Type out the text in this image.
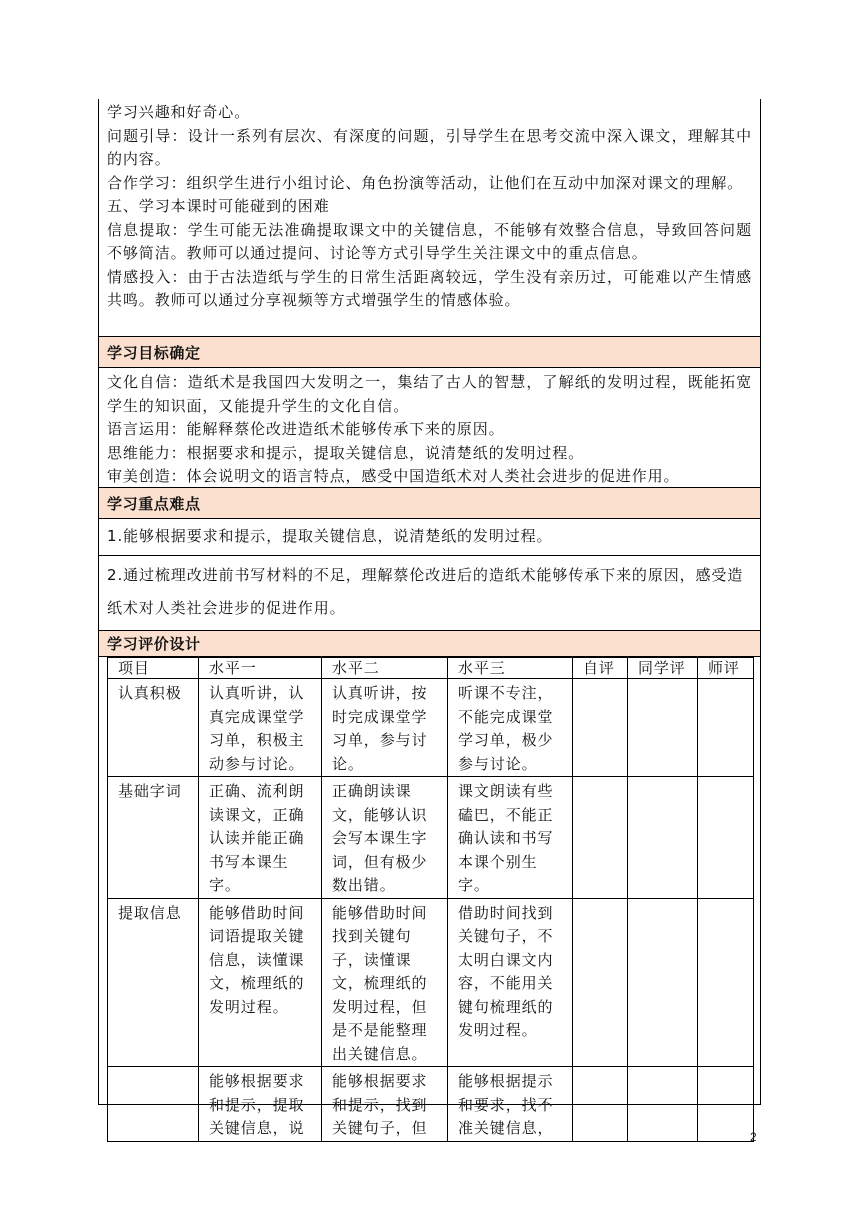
学习兴趣和好奇心。

问题引导：设计一系列有层次、有深度的问题，引导学生在思考交流中深入课文，理解其中的内容。

合作学习：组织学生进行小组讨论、角色扮演等活动，让他们在互动中加深对课文的理解。

五、学习本课时可能碰到的困难

信息提取：学生可能无法准确提取课文中的关键信息，不能够有效整合信息，导致回答问题不够简洁。教师可以通过提问、讨论等方式引导学生关注课文中的重点信息。

情感投入：由于古法造纸与学生的日常生活距离较远，学生没有亲历过，可能难以产生情感共鸣。教师可以通过分享视频等方式增强学生的情感体验。

学习目标确定

文化自信：造纸术是我国四大发明之一，集结了古人的智慧，了解纸的发明过程，既能拓宽学生的知识面，又能提升学生的文化自信。

语言运用：能解释蔡伦改进造纸术能够传承下来的原因。

思维能力：根据要求和提示，提取关键信息，说清楚纸的发明过程。

审美创造：体会说明文的语言特点，感受中国造纸术对人类社会进步的促进作用。

学习重点难点
1.能够根据要求和提示，提取关键信息，说清楚纸的发明过程。
2.通过梳理改进前书写材料的不足，理解蔡伦改进后的造纸术能够传承下来的原因，感受造纸术对人类社会进步的促进作用。
学习评价设计
项目	水平一	水平二	水平三	自评	同学评	师评
认真积极	认真听讲，认真完成课堂学习单，积极主动参与讨论。	认真听讲，按时完成课堂学习单，参与讨论。	听课不专注，不能完成课堂学习单，极少参与讨论。			
基础字词	正确、流利朗读课文，正确认读并能正确书写本课生字。	正确朗读课文，能够认识会写本课生字词，但有极少数出错。	课文朗读有些磕巴，不能正确认读和书写本课个别生字。			
提取信息	能够借助时间词语提取关键信息，读懂课文，梳理纸的发明过程。	能够借助时间找到关键句子，读懂课文，梳理纸的发明过程，但是不是能整理出关键信息。	借助时间找到关键句子，不太明白课文内容，不能用关键句梳理纸的发明过程。			
	能够根据要求和提示，提取关键信息，说	能够根据要求和提示，找到关键句子，但	能够根据提示和要求，找不准关键信息，				2
